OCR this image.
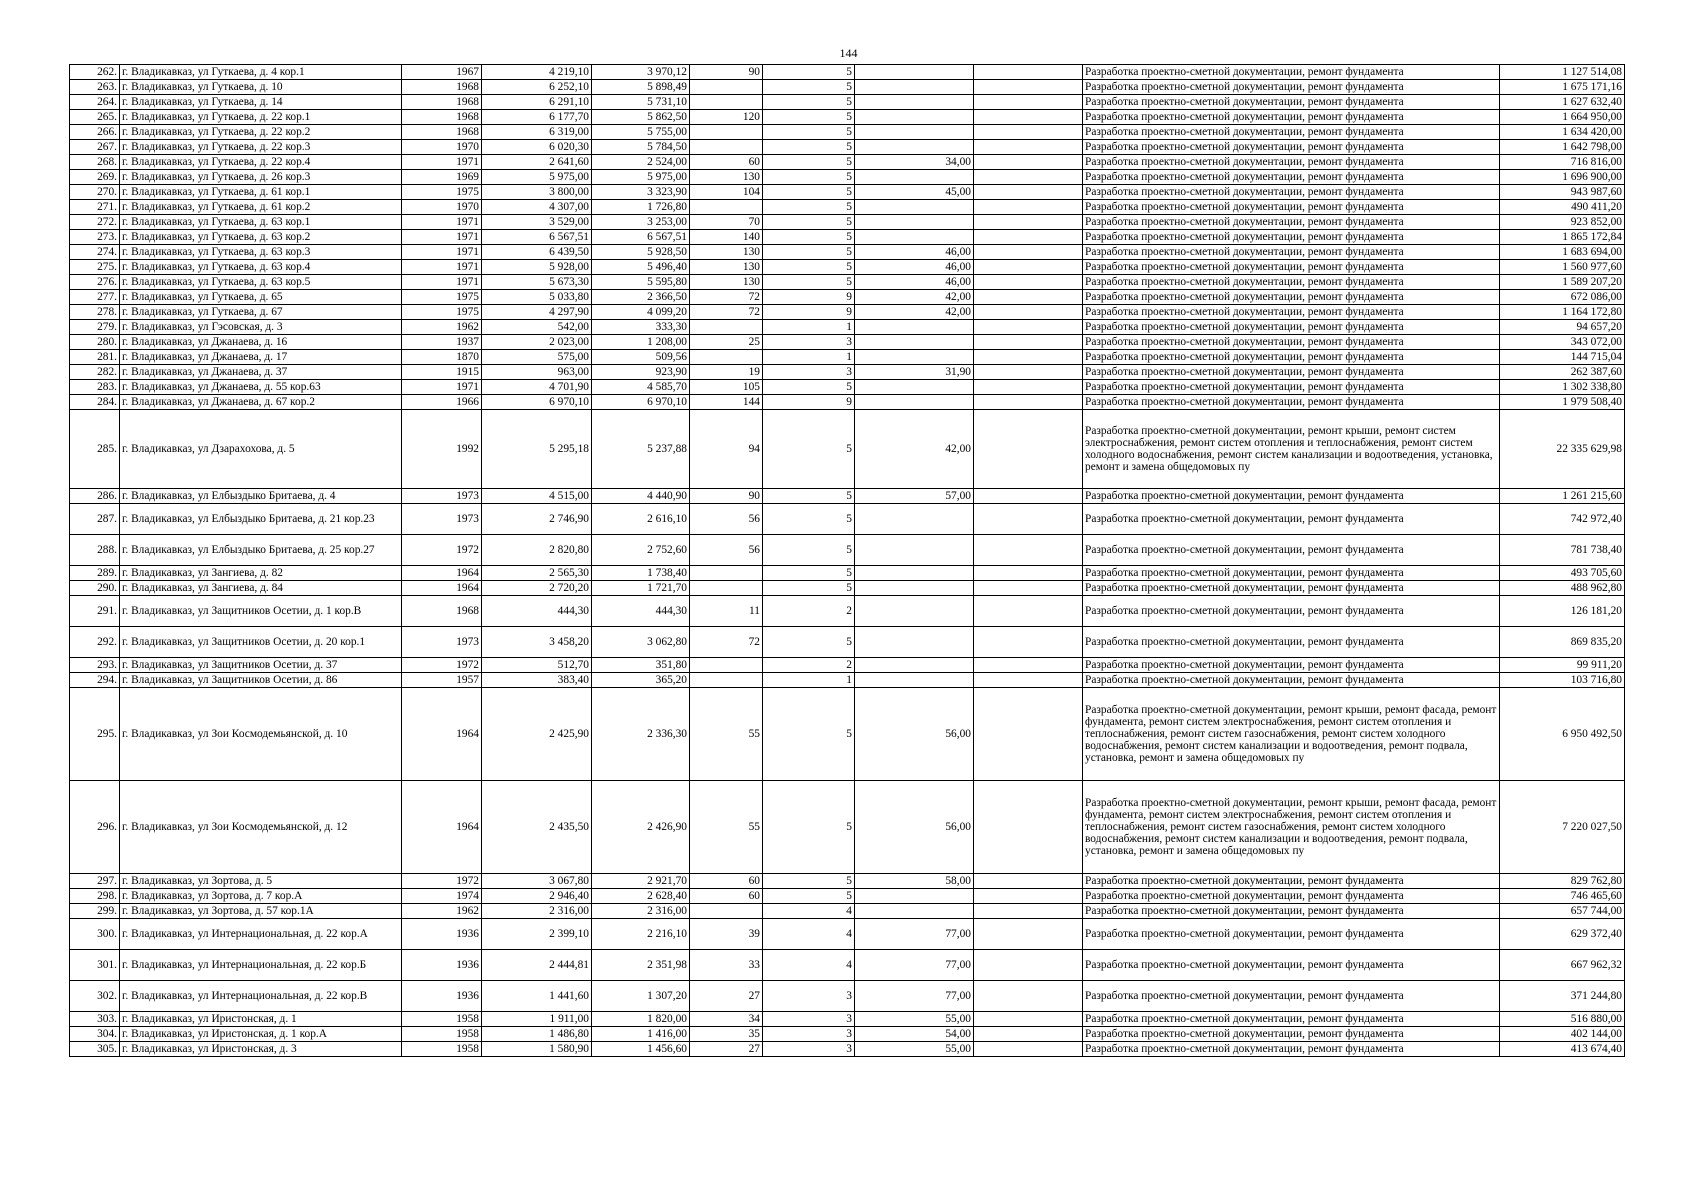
144
262.	г. Владикавказ, ул Гуткаева, д. 4 кор.1	1967	4 219,10	3 970,12	90	5			Разработка проектно-сметной документации, ремонт фундамента	1 127 514,08
263.	г. Владикавказ, ул Гуткаева, д. 10	1968	6 252,10	5 898,49		5			Разработка проектно-сметной документации, ремонт фундамента	1 675 171,16
264.	г. Владикавказ, ул Гуткаева, д. 14	1968	6 291,10	5 731,10		5			Разработка проектно-сметной документации, ремонт фундамента	1 627 632,40
265.	г. Владикавказ, ул Гуткаева, д. 22 кор.1	1968	6 177,70	5 862,50	120	5			Разработка проектно-сметной документации, ремонт фундамента	1 664 950,00
266.	г. Владикавказ, ул Гуткаева, д. 22 кор.2	1968	6 319,00	5 755,00		5			Разработка проектно-сметной документации, ремонт фундамента	1 634 420,00
267.	г. Владикавказ, ул Гуткаева, д. 22 кор.3	1970	6 020,30	5 784,50		5			Разработка проектно-сметной документации, ремонт фундамента	1 642 798,00
268.	г. Владикавказ, ул Гуткаева, д. 22 кор.4	1971	2 641,60	2 524,00	60	5	34,00		Разработка проектно-сметной документации, ремонт фундамента	716 816,00
269.	г. Владикавказ, ул Гуткаева, д. 26 кор.3	1969	5 975,00	5 975,00	130	5			Разработка проектно-сметной документации, ремонт фундамента	1 696 900,00
270.	г. Владикавказ, ул Гуткаева, д. 61 кор.1	1975	3 800,00	3 323,90	104	5	45,00		Разработка проектно-сметной документации, ремонт фундамента	943 987,60
271.	г. Владикавказ, ул Гуткаева, д. 61 кор.2	1970	4 307,00	1 726,80		5			Разработка проектно-сметной документации, ремонт фундамента	490 411,20
272.	г. Владикавказ, ул Гуткаева, д. 63 кор.1	1971	3 529,00	3 253,00	70	5			Разработка проектно-сметной документации, ремонт фундамента	923 852,00
273.	г. Владикавказ, ул Гуткаева, д. 63 кор.2	1971	6 567,51	6 567,51	140	5			Разработка проектно-сметной документации, ремонт фундамента	1 865 172,84
274.	г. Владикавказ, ул Гуткаева, д. 63 кор.3	1971	6 439,50	5 928,50	130	5	46,00		Разработка проектно-сметной документации, ремонт фундамента	1 683 694,00
275.	г. Владикавказ, ул Гуткаева, д. 63 кор.4	1971	5 928,00	5 496,40	130	5	46,00		Разработка проектно-сметной документации, ремонт фундамента	1 560 977,60
276.	г. Владикавказ, ул Гуткаева, д. 63 кор.5	1971	5 673,30	5 595,80	130	5	46,00		Разработка проектно-сметной документации, ремонт фундамента	1 589 207,20
277.	г. Владикавказ, ул Гуткаева, д. 65	1975	5 033,80	2 366,50	72	9	42,00		Разработка проектно-сметной документации, ремонт фундамента	672 086,00
278.	г. Владикавказ, ул Гуткаева, д. 67	1975	4 297,90	4 099,20	72	9	42,00		Разработка проектно-сметной документации, ремонт фундамента	1 164 172,80
279.	г. Владикавказ, ул Гэсовская, д. 3	1962	542,00	333,30		1			Разработка проектно-сметной документации, ремонт фундамента	94 657,20
280.	г. Владикавказ, ул Джанаева, д. 16	1937	2 023,00	1 208,00	25	3			Разработка проектно-сметной документации, ремонт фундамента	343 072,00
281.	г. Владикавказ, ул Джанаева, д. 17	1870	575,00	509,56		1			Разработка проектно-сметной документации, ремонт фундамента	144 715,04
282.	г. Владикавказ, ул Джанаева, д. 37	1915	963,00	923,90	19	3	31,90		Разработка проектно-сметной документации, ремонт фундамента	262 387,60
283.	г. Владикавказ, ул Джанаева, д. 55 кор.63	1971	4 701,90	4 585,70	105	5			Разработка проектно-сметной документации, ремонт фундамента	1 302 338,80
284.	г. Владикавказ, ул Джанаева, д. 67 кор.2	1966	6 970,10	6 970,10	144	9			Разработка проектно-сметной документации, ремонт фундамента	1 979 508,40
285.	г. Владикавказ, ул Дзарахохова, д. 5	1992	5 295,18	5 237,88	94	5	42,00		Разработка проектно-сметной документации, ремонт крыши, ремонт систем электроснабжения, ремонт систем отопления и теплоснабжения, ремонт систем холодного водоснабжения, ремонт систем канализации и водоотведения, установка, ремонт и замена общедомовых пу	22 335 629,98
286.	г. Владикавказ, ул Елбыздыко Бритаева, д. 4	1973	4 515,00	4 440,90	90	5	57,00		Разработка проектно-сметной документации, ремонт фундамента	1 261 215,60
287.	г. Владикавказ, ул Елбыздыко Бритаева, д. 21 кор.23	1973	2 746,90	2 616,10	56	5			Разработка проектно-сметной документации, ремонт фундамента	742 972,40
288.	г. Владикавказ, ул Елбыздыко Бритаева, д. 25 кор.27	1972	2 820,80	2 752,60	56	5			Разработка проектно-сметной документации, ремонт фундамента	781 738,40
289.	г. Владикавказ, ул Зангиева, д. 82	1964	2 565,30	1 738,40		5			Разработка проектно-сметной документации, ремонт фундамента	493 705,60
290.	г. Владикавказ, ул Зангиева, д. 84	1964	2 720,20	1 721,70		5			Разработка проектно-сметной документации, ремонт фундамента	488 962,80
291.	г. Владикавказ, ул Защитников Осетии, д. 1 кор.В	1968	444,30	444,30	11	2			Разработка проектно-сметной документации, ремонт фундамента	126 181,20
292.	г. Владикавказ, ул Защитников Осетии, д. 20 кор.1	1973	3 458,20	3 062,80	72	5			Разработка проектно-сметной документации, ремонт фундамента	869 835,20
293.	г. Владикавказ, ул Защитников Осетии, д. 37	1972	512,70	351,80		2			Разработка проектно-сметной документации, ремонт фундамента	99 911,20
294.	г. Владикавказ, ул Защитников Осетии, д. 86	1957	383,40	365,20		1			Разработка проектно-сметной документации, ремонт фундамента	103 716,80
295.	г. Владикавказ, ул Зои Космодемьянской, д. 10	1964	2 425,90	2 336,30	55	5	56,00		Разработка проектно-сметной документации, ремонт крыши, ремонт фасада, ремонт фундамента, ремонт систем электроснабжения, ремонт систем отопления и теплоснабжения, ремонт систем газоснабжения, ремонт систем холодного водоснабжения, ремонт систем канализации и водоотведения, ремонт подвала, установка, ремонт и замена общедомовых пу	6 950 492,50
296.	г. Владикавказ, ул Зои Космодемьянской, д. 12	1964	2 435,50	2 426,90	55	5	56,00		Разработка проектно-сметной документации, ремонт крыши, ремонт фасада, ремонт фундамента, ремонт систем электроснабжения, ремонт систем отопления и теплоснабжения, ремонт систем газоснабжения, ремонт систем холодного водоснабжения, ремонт систем канализации и водоотведения, ремонт подвала, установка, ремонт и замена общедомовых пу	7 220 027,50
297.	г. Владикавказ, ул Зортова, д. 5	1972	3 067,80	2 921,70	60	5	58,00		Разработка проектно-сметной документации, ремонт фундамента	829 762,80
298.	г. Владикавказ, ул Зортова, д. 7 кор.А	1974	2 946,40	2 628,40	60	5			Разработка проектно-сметной документации, ремонт фундамента	746 465,60
299.	г. Владикавказ, ул Зортова, д. 57 кор.1А	1962	2 316,00	2 316,00		4			Разработка проектно-сметной документации, ремонт фундамента	657 744,00
300.	г. Владикавказ, ул Интернациональная, д. 22 кор.А	1936	2 399,10	2 216,10	39	4	77,00		Разработка проектно-сметной документации, ремонт фундамента	629 372,40
301.	г. Владикавказ, ул Интернациональная, д. 22 кор.Б	1936	2 444,81	2 351,98	33	4	77,00		Разработка проектно-сметной документации, ремонт фундамента	667 962,32
302.	г. Владикавказ, ул Интернациональная, д. 22 кор.В	1936	1 441,60	1 307,20	27	3	77,00		Разработка проектно-сметной документации, ремонт фундамента	371 244,80
303.	г. Владикавказ, ул Иристонская, д. 1	1958	1 911,00	1 820,00	34	3	55,00		Разработка проектно-сметной документации, ремонт фундамента	516 880,00
304.	г. Владикавказ, ул Иристонская, д. 1 кор.А	1958	1 486,80	1 416,00	35	3	54,00		Разработка проектно-сметной документации, ремонт фундамента	402 144,00
305.	г. Владикавказ, ул Иристонская, д. 3	1958	1 580,90	1 456,60	27	3	55,00		Разработка проектно-сметной документации, ремонт фундамента	413 674,40
